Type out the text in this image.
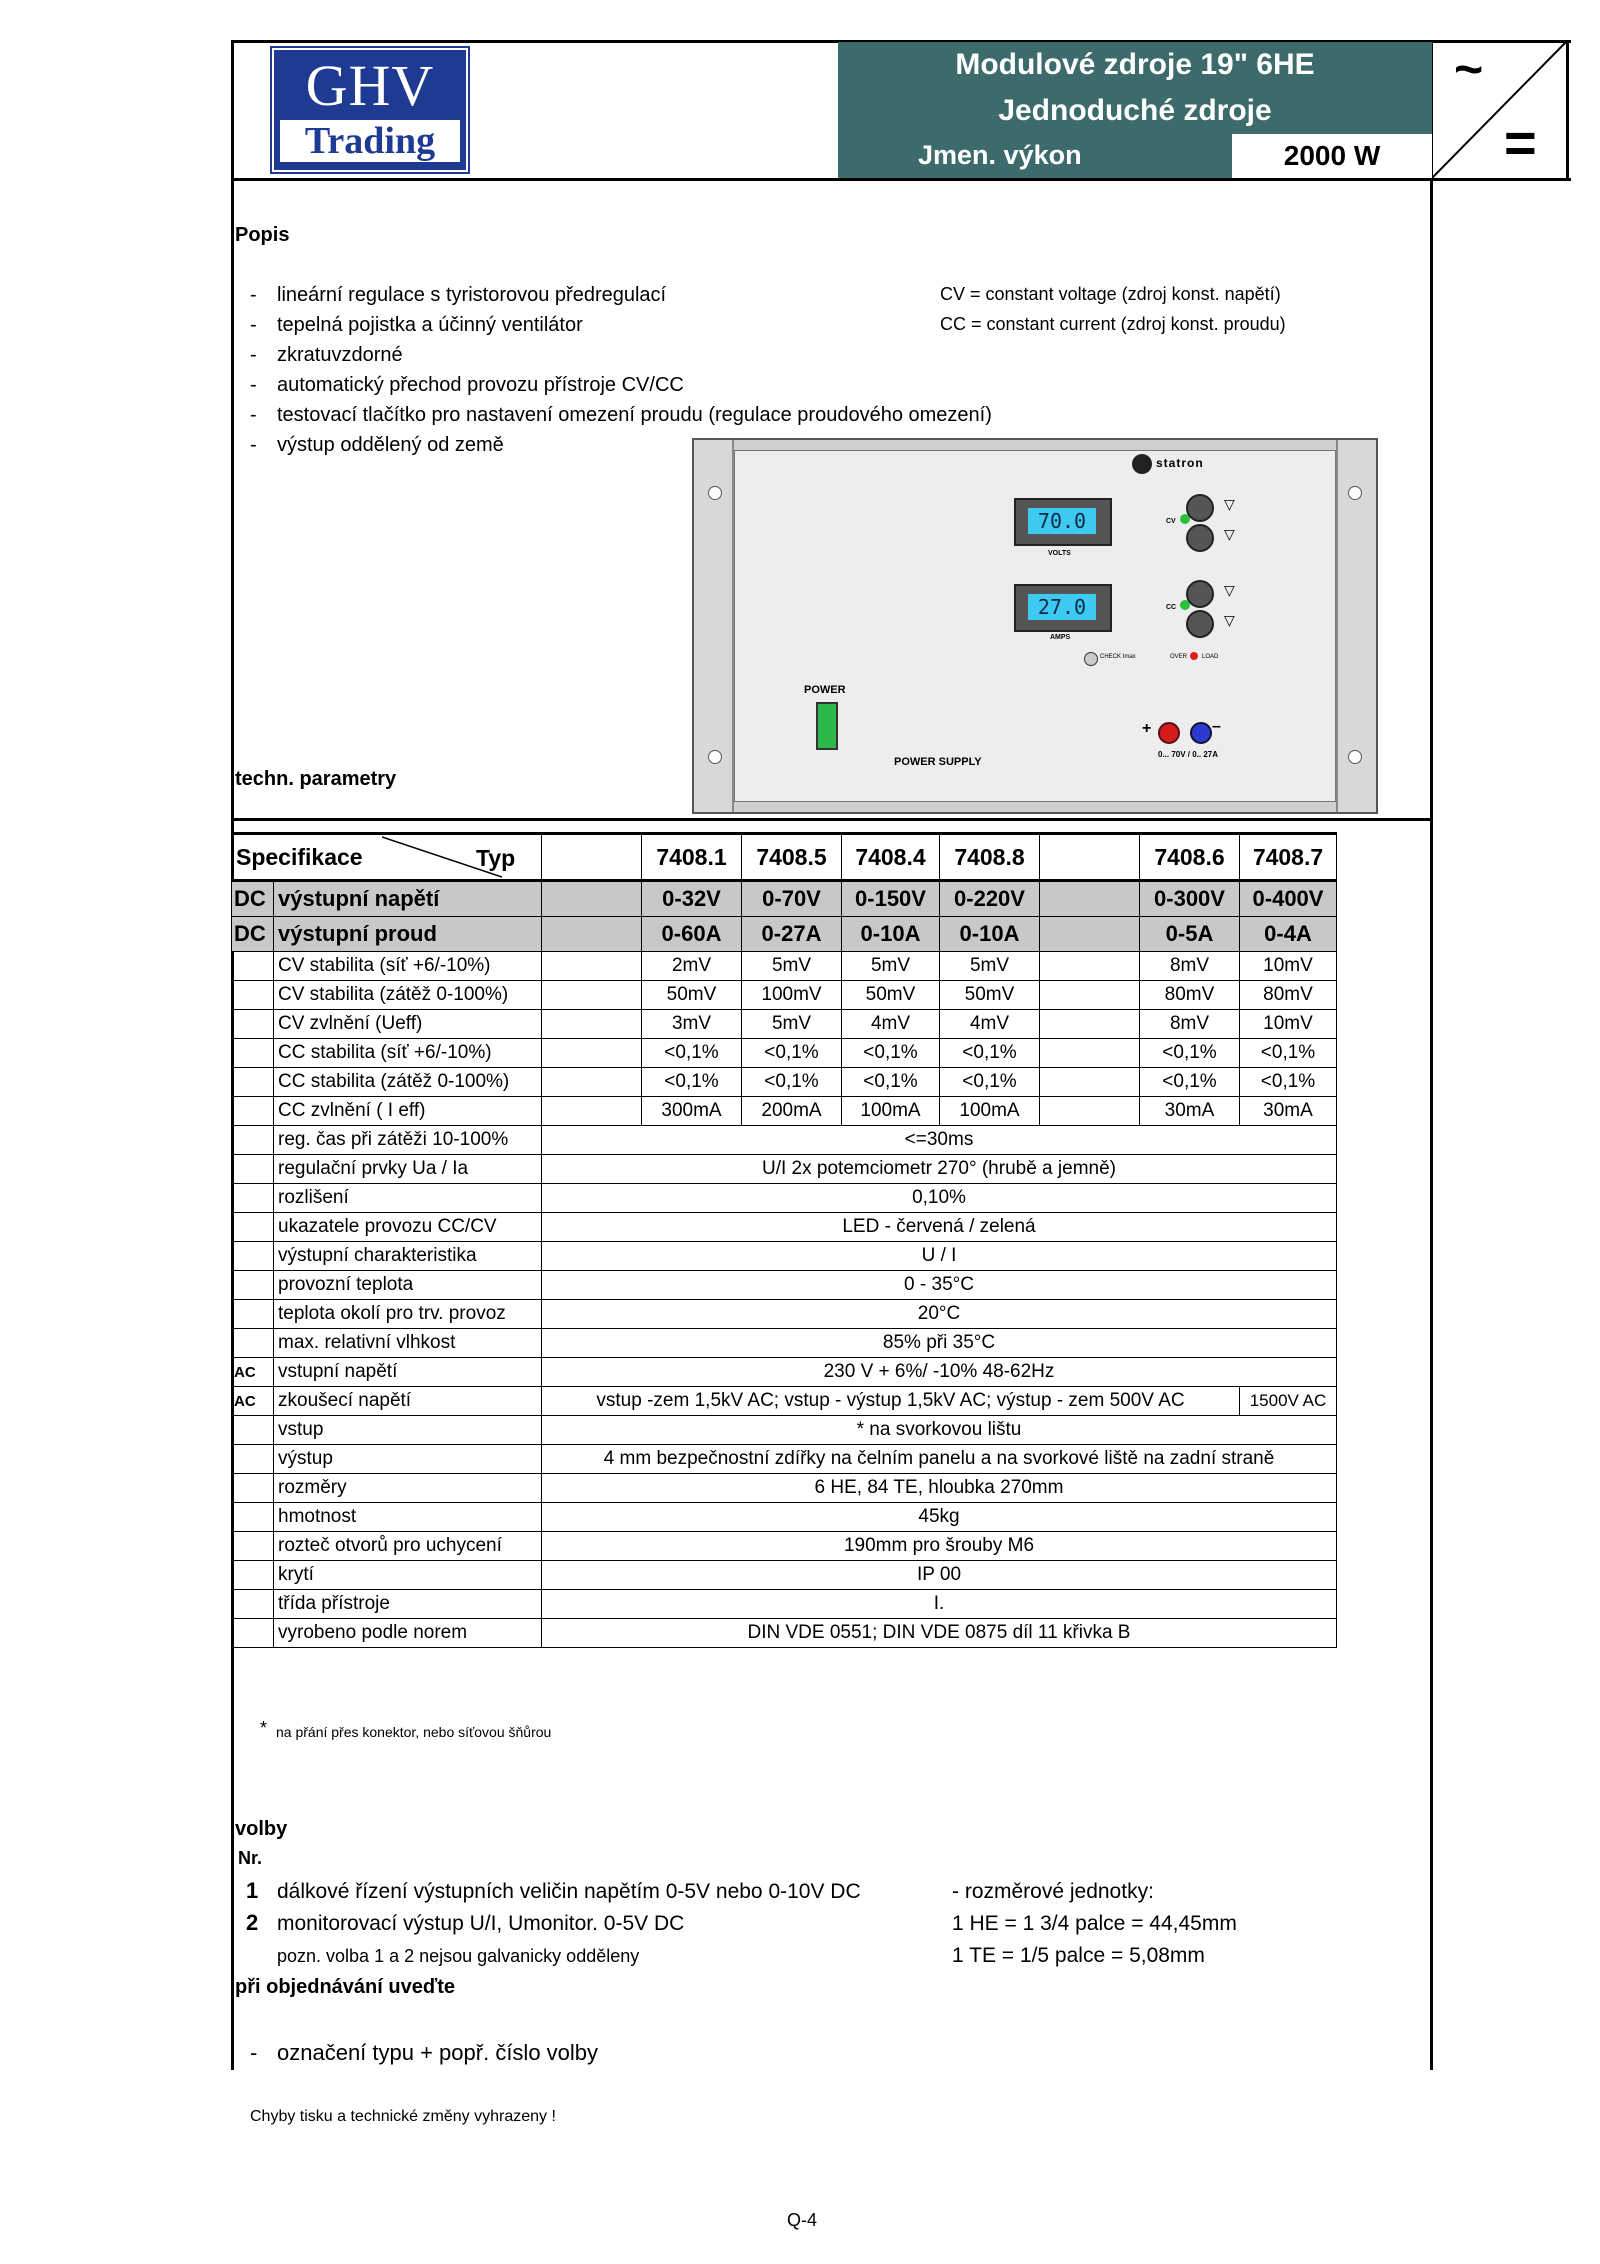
GHV
Trading
Modulové zdroje 19" 6HE
Jednoduché zdroje
Jmen. výkon	2000 W
~
=
Popis
- lineární regulace s tyristorovou předregulací
- tepelná pojistka a účinný ventilátor
- zkratuvzdorné
- automatický přechod provozu přístroje CV/CC
- testovací tlačítko pro nastavení omezení proudu (regulace proudového omezení)
- výstup oddělený od země
CV = constant voltage (zdroj konst. napětí)
CC = constant current (zdroj konst. proudu)
statron
70.0
VOLTS
27.0
AMPS
CV
▽
▽
CC
▽
▽
CHECK Imax	OVER LOAD
POWER
POWER SUPPLY
+	–
0... 70V / 0.. 27A
techn. parametry
Specifikace Typ			7408.1	7408.5	7408.4	7408.8		7408.6	7408.7
DC	výstupní napětí		0-32V	0-70V	0-150V	0-220V		0-300V	0-400V
DC	výstupní proud		0-60A	0-27A	0-10A	0-10A		0-5A	0-4A
	CV stabilita (síť +6/-10%)		2mV	5mV	5mV	5mV		8mV	10mV
	CV stabilita (zátěž 0-100%)		50mV	100mV	50mV	50mV		80mV	80mV
	CV zvlnění (Ueff)		3mV	5mV	4mV	4mV		8mV	10mV
	CC stabilita (síť +6/-10%)		<0,1%	<0,1%	<0,1%	<0,1%		<0,1%	<0,1%
	CC stabilita (zátěž 0-100%)		<0,1%	<0,1%	<0,1%	<0,1%		<0,1%	<0,1%
	CC zvlnění ( I eff)		300mA	200mA	100mA	100mA		30mA	30mA
	reg. čas při zátěži 10-100%	<=30ms							
	regulační prvky Ua / Ia	U/I 2x potemciometr 270° (hrubě a jemně)							
	rozlišení	0,10%							
	ukazatele provozu CC/CV	LED - červená / zelená							
	výstupní charakteristika	U / I							
	provozní teplota	0 - 35°C							
	teplota okolí pro trv. provoz	20°C							
	max. relativní vlhkost	85% při 35°C							
AC	vstupní napětí	230 V + 6%/ -10% 48-62Hz							
AC	zkoušecí napětí	vstup -zem 1,5kV AC; vstup - výstup 1,5kV AC; výstup - zem 500V AC							1500V AC
	vstup	* na svorkovou lištu							
	výstup	4 mm bezpečnostní zdířky na čelním panelu a na svorkové liště na zadní straně							
	rozměry	6 HE, 84 TE, hloubka 270mm							
	hmotnost	45kg							
	rozteč otvorů pro uchycení	190mm pro šrouby M6							
	krytí	IP 00							
	třída přístroje	I.							
	vyrobeno podle norem	DIN VDE 0551; DIN VDE 0875 díl 11 křivka B							
* na přání přes konektor, nebo síťovou šňůrou
volby
Nr.
1 dálkové řízení výstupních veličin napětím 0-5V nebo 0-10V DC
2 monitorovací výstup U/I, Umonitor. 0-5V DC
pozn. volba 1 a 2 nejsou galvanicky odděleny
- rozměrové jednotky:
1 HE = 1 3/4 palce = 44,45mm
1 TE = 1/5 palce = 5,08mm
při objednávání uveďte
- označení typu + popř. číslo volby
Chyby tisku a technické změny vyhrazeny !
Q-4
